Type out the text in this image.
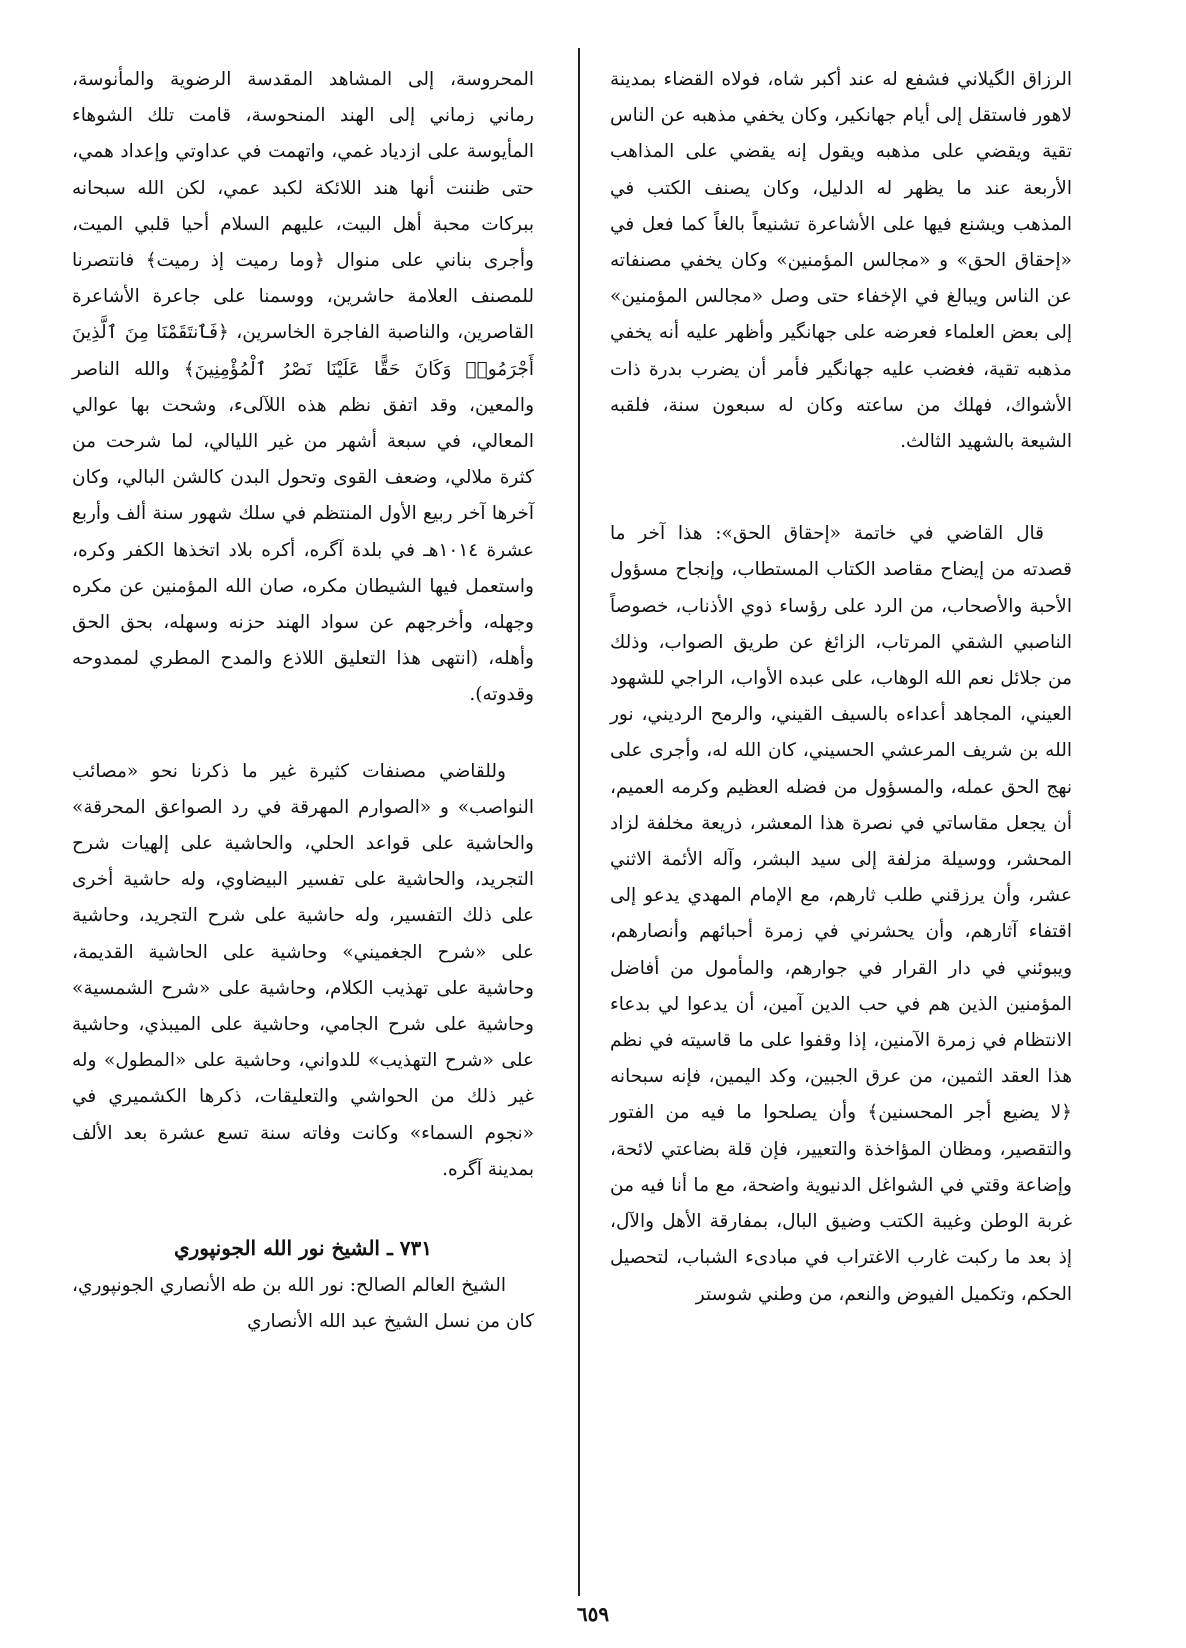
الرزاق الگيلاني فشفع له عند أكبر شاه، فولاه القضاء بمدينة لاهور فاستقل إلى أيام جهانكير، وكان يخفي مذهبه عن الناس تقية ويقضي على مذهبه ويقول إنه يقضي على المذاهب الأربعة عند ما يظهر له الدليل، وكان يصنف الكتب في المذهب ويشنع فيها على الأشاعرة تشنيعاً بالغاً كما فعل في «إحقاق الحق» و «مجالس المؤمنين» وكان يخفي مصنفاته عن الناس ويبالغ في الإخفاء حتى وصل «مجالس المؤمنين» إلى بعض العلماء فعرضه على جهانگير وأظهر عليه أنه يخفي مذهبه تقية، فغضب عليه جهانگير فأمر أن يضرب بدرة ذات الأشواك، فهلك من ساعته وكان له سبعون سنة، فلقبه الشيعة بالشهيد الثالث.

قال القاضي في خاتمة «إحقاق الحق»: هذا آخر ما قصدته من إيضاح مقاصد الكتاب المستطاب، وإنجاح مسؤول الأحبة والأصحاب، من الرد على رؤساء ذوي الأذناب، خصوصاً الناصبي الشقي المرتاب، الزائغ عن طريق الصواب، وذلك من جلائل نعم الله الوهاب، على عبده الأواب، الراجي للشهود العيني، المجاهد أعداءه بالسيف القيني، والرمح الرديني، نور الله بن شريف المرعشي الحسيني، كان الله له، وأجرى على نهج الحق عمله، والمسؤول من فضله العظيم وكرمه العميم، أن يجعل مقاساتي في نصرة هذا المعشر، ذريعة مخلفة لزاد المحشر، ووسيلة مزلفة إلى سيد البشر، وآله الأئمة الاثني عشر، وأن يرزقني طلب ثارهم، مع الإمام المهدي يدعو إلى اقتفاء آثارهم، وأن يحشرني في زمرة أحبائهم وأنصارهم، ويبوئني في دار القرار في جوارهم، والمأمول من أفاضل المؤمنين الذين هم في حب الدين آمين، أن يدعوا لي بدعاء الانتظام في زمرة الآمنين، إذا وقفوا على ما قاسيته في نظم هذا العقد الثمين، من عرق الجبين، وكد اليمين، فإنه سبحانه ﴿لا يضيع أجر المحسنين﴾ وأن يصلحوا ما فيه من الفتور والتقصير، ومظان المؤاخذة والتعيير، فإن قلة بضاعتي لائحة، وإضاعة وقتي في الشواغل الدنيوية واضحة، مع ما أنا فيه من غربة الوطن وغيبة الكتب وضيق البال، بمفارقة الأهل والآل، إذ بعد ما ركبت غارب الاغتراب في مبادىء الشباب، لتحصيل الحكم، وتكميل الفيوض والنعم، من وطني شوستر

المحروسة، إلى المشاهد المقدسة الرضوية والمأنوسة، رماني زماني إلى الهند المنحوسة، قامت تلك الشوهاء المأيوسة على ازدياد غمي، واتهمت في عداوتي وإعداد همي، حتى ظننت أنها هند اللائكة لكبد عمي، لكن الله سبحانه ببركات محبة أهل البيت، عليهم السلام أحيا قلبي الميت، وأجرى بناني على منوال ﴿وما رميت إذ رميت﴾ فانتصرنا للمصنف العلامة حاشرين، ووسمنا على جاعرة الأشاعرة القاصرين، والناصبة الفاجرة الخاسرين، ﴿فَٱنتَقَمْنَا مِنَ ٱلَّذِينَ أَجْرَمُوا۟ وَكَانَ حَقًّا عَلَيْنَا نَصْرُ ٱلْمُؤْمِنِينَ﴾ والله الناصر والمعين، وقد اتفق نظم هذه اللآلىء، وشحت بها عوالي المعالي، في سبعة أشهر من غير الليالي، لما شرحت من كثرة ملالي، وضعف القوى وتحول البدن كالشن البالي، وكان آخرها آخر ربيع الأول المنتظم في سلك شهور سنة ألف وأربع عشرة ١٠١٤هـ في بلدة آگره، أكره بلاد اتخذها الكفر وكره، واستعمل فيها الشيطان مكره، صان الله المؤمنين عن مكره وجهله، وأخرجهم عن سواد الهند حزنه وسهله، بحق الحق وأهله، (انتهى هذا التعليق اللاذع والمدح المطري لممدوحه وقدوته).

وللقاضي مصنفات كثيرة غير ما ذكرنا نحو «مصائب النواصب» و «الصوارم المهرقة في رد الصواعق المحرقة» والحاشية على قواعد الحلي، والحاشية على إلهيات شرح التجريد، والحاشية على تفسير البيضاوي، وله حاشية أخرى على ذلك التفسير، وله حاشية على شرح التجريد، وحاشية على «شرح الجغميني» وحاشية على الحاشية القديمة، وحاشية على تهذيب الكلام، وحاشية على «شرح الشمسية» وحاشية على شرح الجامي، وحاشية على الميبذي، وحاشية على «شرح التهذيب» للدواني، وحاشية على «المطول» وله غير ذلك من الحواشي والتعليقات، ذكرها الكشميري في «نجوم السماء» وكانت وفاته سنة تسع عشرة بعد الألف بمدينة آگره.

٧٣١ ـ الشيخ نور الله الجونپوري

الشيخ العالم الصالح: نور الله بن طه الأنصاري الجونپوري، كان من نسل الشيخ عبد الله الأنصاري

٦٥٩
